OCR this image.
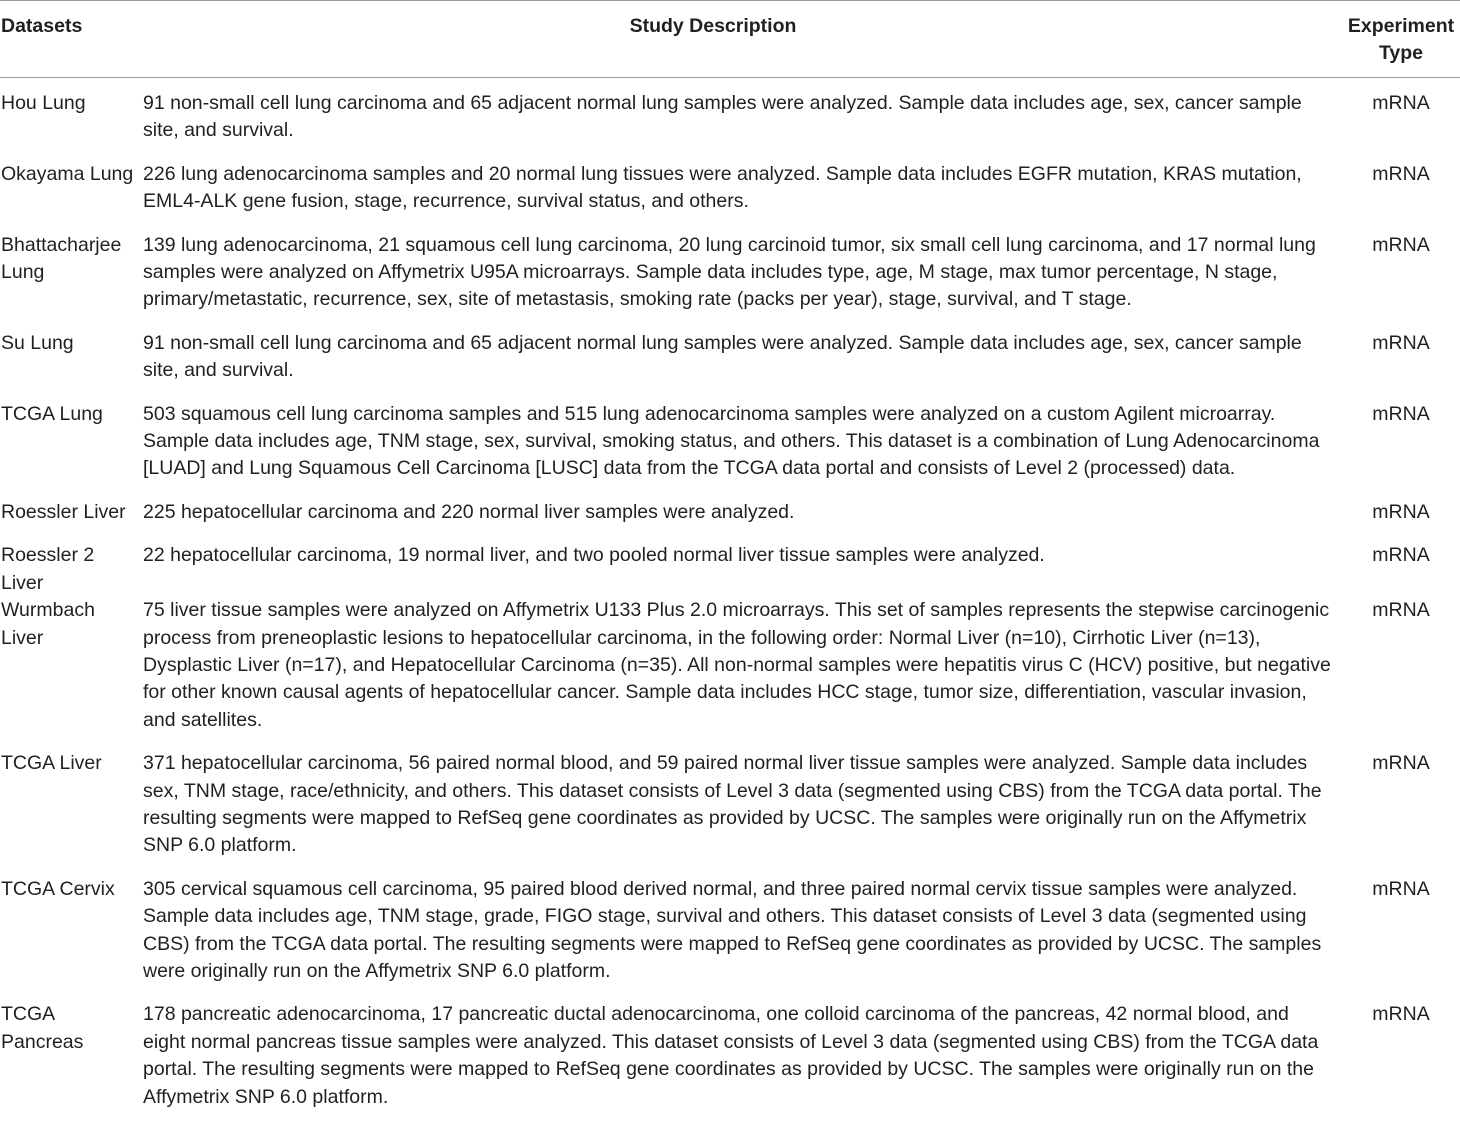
Datasets	Study Description	Experiment Type
Hou Lung	91 non-small cell lung carcinoma and 65 adjacent normal lung samples were analyzed. Sample data includes age, sex, cancer sample site, and survival.	mRNA
Okayama Lung	226 lung adenocarcinoma samples and 20 normal lung tissues were analyzed. Sample data includes EGFR mutation, KRAS mutation, EML4-ALK gene fusion, stage, recurrence, survival status, and others.	mRNA
Bhattacharjee Lung	139 lung adenocarcinoma, 21 squamous cell lung carcinoma, 20 lung carcinoid tumor, six small cell lung carcinoma, and 17 normal lung samples were analyzed on Affymetrix U95A microarrays. Sample data includes type, age, M stage, max tumor percentage, N stage, primary/metastatic, recurrence, sex, site of metastasis, smoking rate (packs per year), stage, survival, and T stage.	mRNA
Su Lung	91 non-small cell lung carcinoma and 65 adjacent normal lung samples were analyzed. Sample data includes age, sex, cancer sample site, and survival.	mRNA
TCGA Lung	503 squamous cell lung carcinoma samples and 515 lung adenocarcinoma samples were analyzed on a custom Agilent microarray. Sample data includes age, TNM stage, sex, survival, smoking status, and others. This dataset is a combination of Lung Adenocarcinoma [LUAD] and Lung Squamous Cell Carcinoma [LUSC] data from the TCGA data portal and consists of Level 2 (processed) data.	mRNA
Roessler Liver	225 hepatocellular carcinoma and 220 normal liver samples were analyzed.	mRNA
Roessler 2 Liver	22 hepatocellular carcinoma, 19 normal liver, and two pooled normal liver tissue samples were analyzed.	mRNA
Wurmbach Liver	75 liver tissue samples were analyzed on Affymetrix U133 Plus 2.0 microarrays. This set of samples represents the stepwise carcinogenic process from preneoplastic lesions to hepatocellular carcinoma, in the following order: Normal Liver (n=10), Cirrhotic Liver (n=13), Dysplastic Liver (n=17), and Hepatocellular Carcinoma (n=35). All non-normal samples were hepatitis virus C (HCV) positive, but negative for other known causal agents of hepatocellular cancer. Sample data includes HCC stage, tumor size, differentiation, vascular invasion, and satellites.	mRNA
TCGA Liver	371 hepatocellular carcinoma, 56 paired normal blood, and 59 paired normal liver tissue samples were analyzed. Sample data includes sex, TNM stage, race/ethnicity, and others. This dataset consists of Level 3 data (segmented using CBS) from the TCGA data portal. The resulting segments were mapped to RefSeq gene coordinates as provided by UCSC. The samples were originally run on the Affymetrix SNP 6.0 platform.	mRNA
TCGA Cervix	305 cervical squamous cell carcinoma, 95 paired blood derived normal, and three paired normal cervix tissue samples were analyzed. Sample data includes age, TNM stage, grade, FIGO stage, survival and others. This dataset consists of Level 3 data (segmented using CBS) from the TCGA data portal. The resulting segments were mapped to RefSeq gene coordinates as provided by UCSC. The samples were originally run on the Affymetrix SNP 6.0 platform.	mRNA
TCGA Pancreas	178 pancreatic adenocarcinoma, 17 pancreatic ductal adenocarcinoma, one colloid carcinoma of the pancreas, 42 normal blood, and eight normal pancreas tissue samples were analyzed. This dataset consists of Level 3 data (segmented using CBS) from the TCGA data portal. The resulting segments were mapped to RefSeq gene coordinates as provided by UCSC. The samples were originally run on the Affymetrix SNP 6.0 platform.	mRNA
